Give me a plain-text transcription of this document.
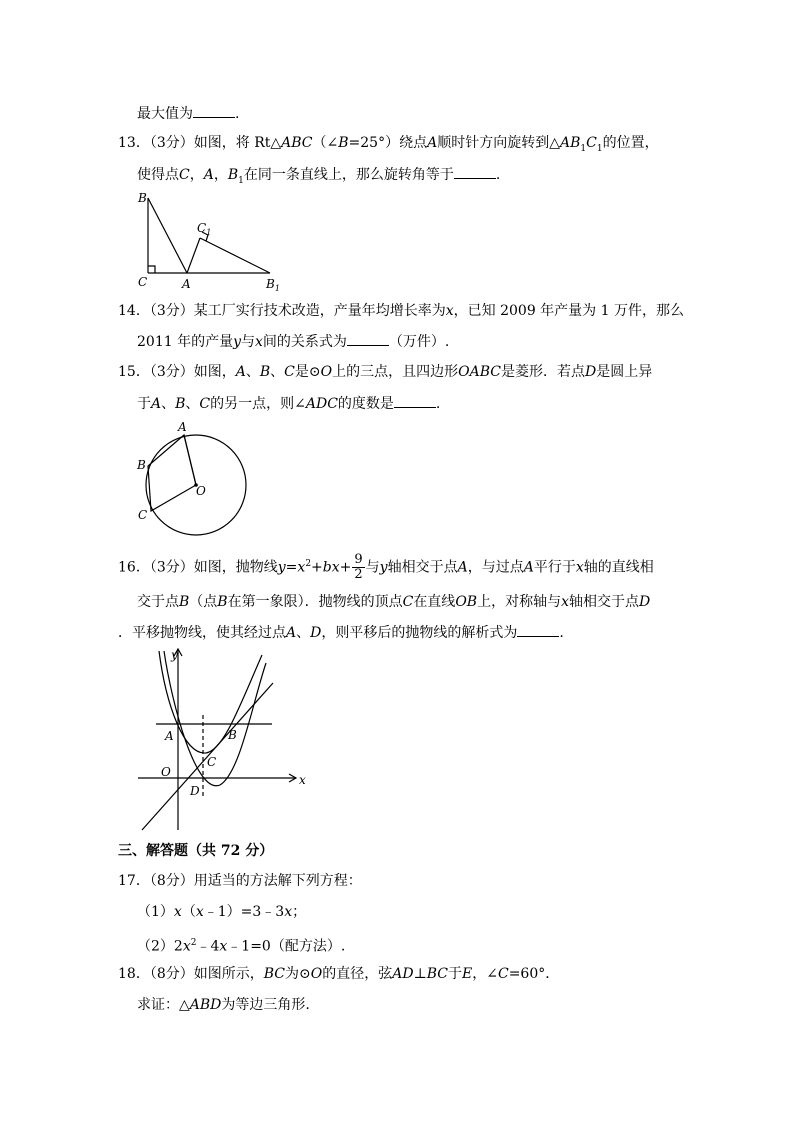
最大值为	.
13．（3分）如图，将 Rt△ABC（∠B=25°）绕点A顺时针方向旋转到$\triangle AB_1C_1$的位置，
使得点C，A，$B_1$在同一条直线上，那么旋转角等于	.
B
C	A
$C_1$
$B_1$
14．（3分）某工厂实行技术改造，产量年均增长率为x，已知 2009 年产量为 1 万件，那么
2011 年的产量y与x间的关系式为	（万件）.
15．（3分）如图，A、B、C是⊙O上的三点，且四边形OABC是菱形．若点D是圆上异
于A、B、C的另一点，则∠ADC的度数是	.
A
B
C
O
16．（3分）如图，抛物线$y=x^2+bx+ \frac{9}{2}$ 与y轴相交于点A，与过点A平行于x轴的直线相
交于点B（点B在第一象限）．抛物线的顶点C在直线OB上，对称轴与x轴相交于点D
．平移抛物线，使其经过点A、D，则平移后的抛物线的解析式为	.
y
x
A	B
C
O
D
三、解答题（共 72 分）
17．（8分）用适当的方法解下列方程：
（1）x（x﹣1）=3﹣3x；
$(2)2x^2﹣4x﹣1=0$（配方法）.
18．（8分）如图所示，BC为⊙O的直径，弦AD⊥BC于E，∠C=60°．
求证：△ABD为等边三角形.
